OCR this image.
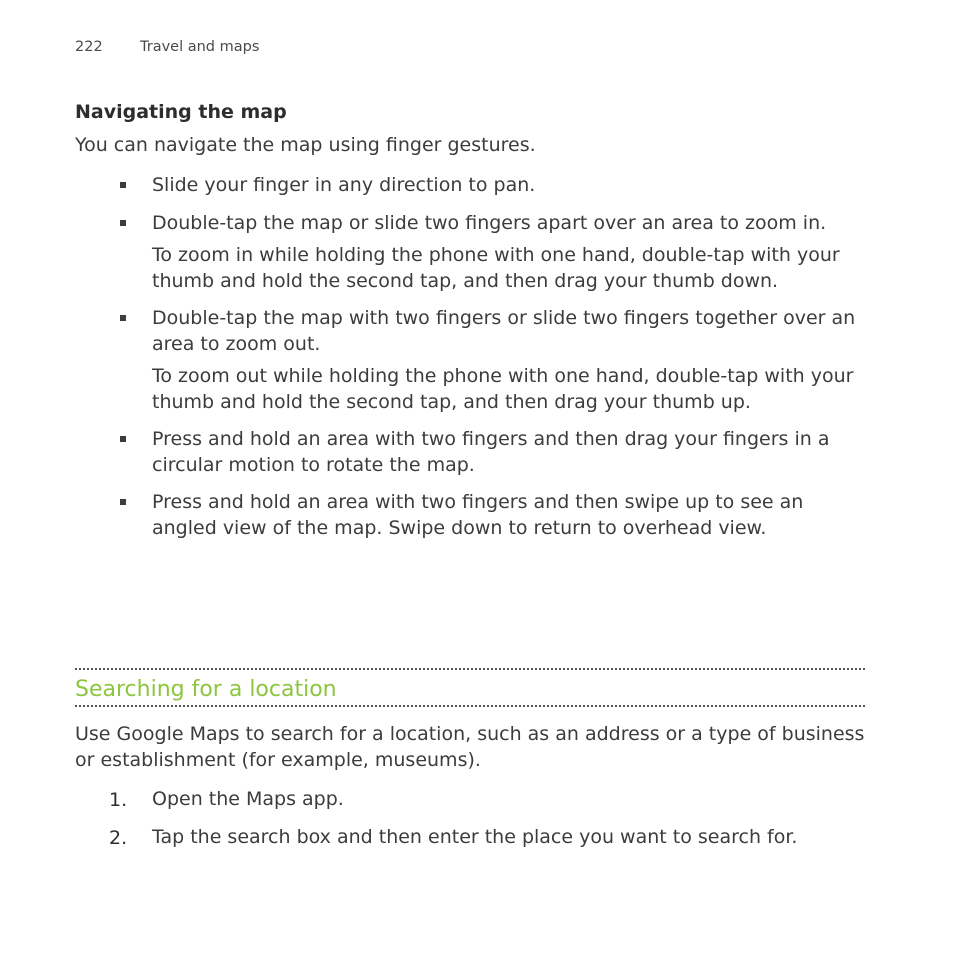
222	Travel and maps
Navigating the map

You can navigate the map using finger gestures.

Slide your finger in any direction to pan.

Double-tap the map or slide two fingers apart over an area to zoom in.

To zoom in while holding the phone with one hand, double-tap with your thumb and hold the second tap, and then drag your thumb down.

Double-tap the map with two fingers or slide two fingers together over an area to zoom out.

To zoom out while holding the phone with one hand, double-tap with your thumb and hold the second tap, and then drag your thumb up.

Press and hold an area with two fingers and then drag your fingers in a circular motion to rotate the map.

Press and hold an area with two fingers and then swipe up to see an angled view of the map. Swipe down to return to overhead view.

Searching for a location

Use Google Maps to search for a location, such as an address or a type of business or establishment (for example, museums).

1. Open the Maps app.

2. Tap the search box and then enter the place you want to search for.
